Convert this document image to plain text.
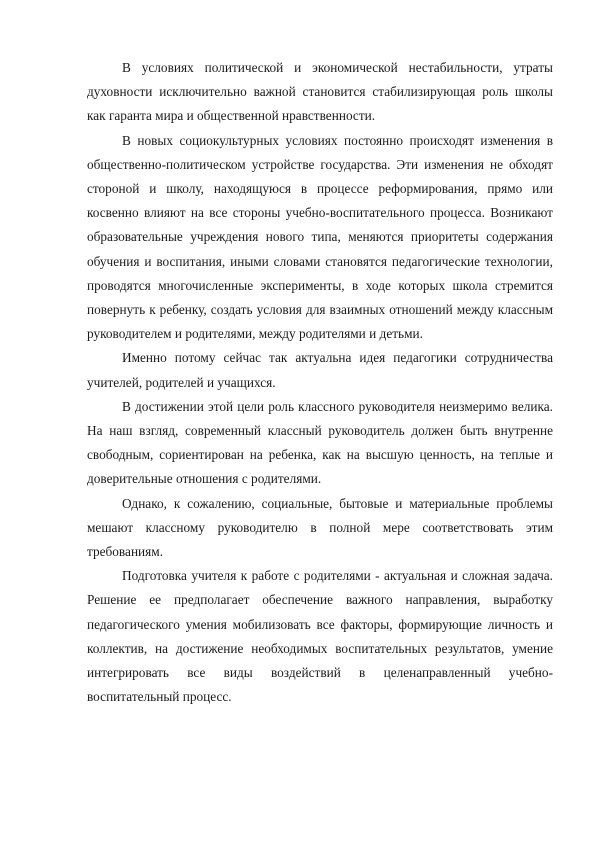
В условиях политической и экономической нестабильности, утраты духовности исключительно важной становится стабилизирующая роль школы как гаранта мира и общественной нравственности.

В новых социокультурных условиях постоянно происходят изменения в общественно-политическом устройстве государства. Эти изменения не обходят стороной и школу, находящуюся в процессе реформирования, прямо или косвенно влияют на все стороны учебно-воспитательного процесса. Возникают образовательные учреждения нового типа, меняются приоритеты содержания обучения и воспитания, иными словами становятся педагогические технологии, проводятся многочисленные эксперименты, в ходе которых школа стремится повернуть к ребенку, создать условия для взаимных отношений между классным руководителем и родителями, между родителями и детьми.

Именно потому сейчас так актуальна идея педагогики сотрудничества учителей, родителей и учащихся.

В достижении этой цели роль классного руководителя неизмеримо велика. На наш взгляд, современный классный руководитель должен быть внутренне свободным, сориентирован на ребенка, как на высшую ценность, на теплые и доверительные отношения с родителями.

Однако, к сожалению, социальные, бытовые и материальные проблемы мешают классному руководителю в полной мере соответствовать этим требованиям.

Подготовка учителя к работе с родителями - актуальная и сложная задача. Решение ее предполагает обеспечение важного направления, выработку педагогического умения мобилизовать все факторы, формирующие личность и коллектив, на достижение необходимых воспитательных результатов, умение интегрировать все виды воздействий в целенаправленный учебно-воспитательный процесс.
